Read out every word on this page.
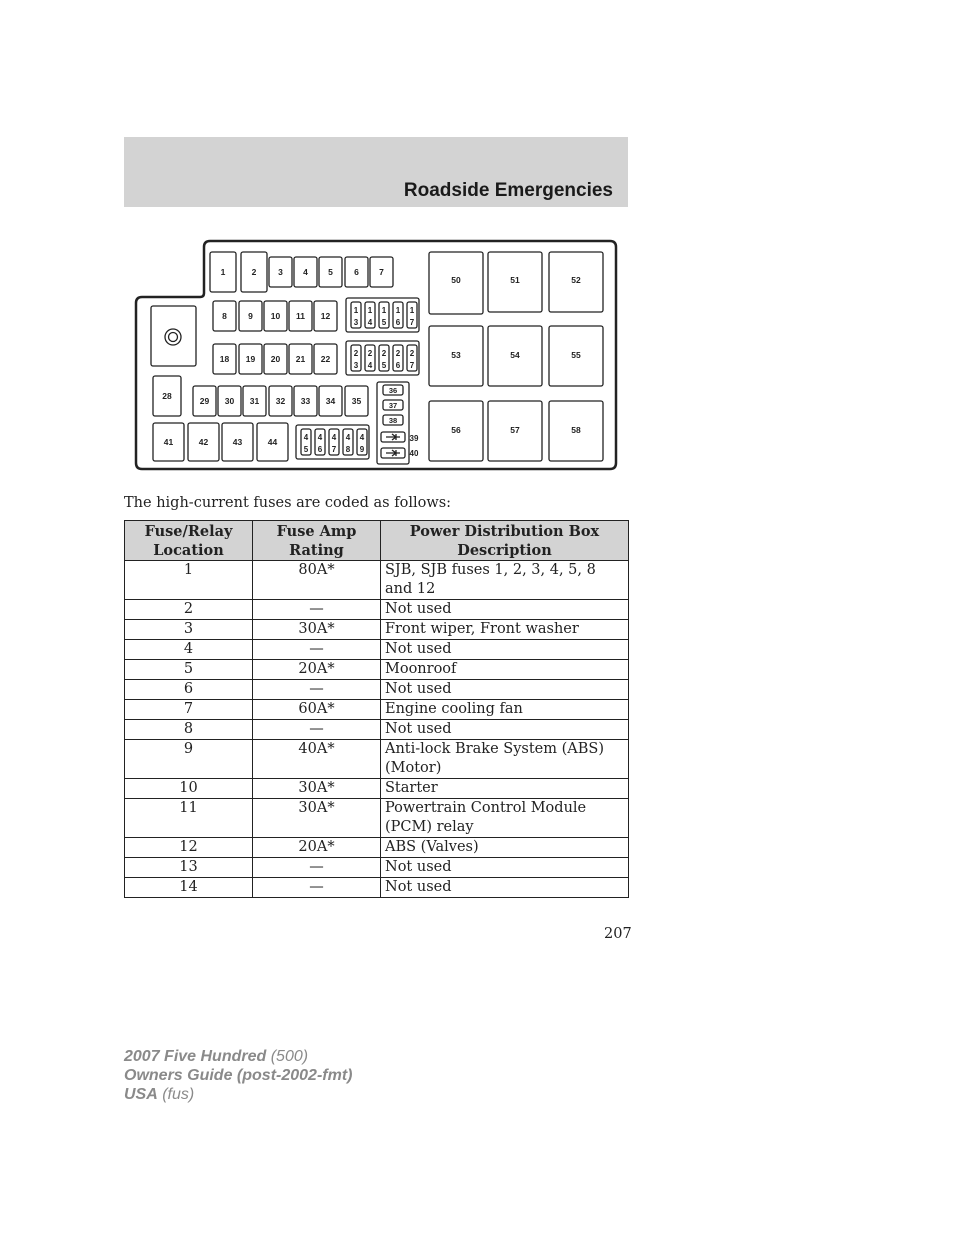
Roadside Emergencies
1	2	3 4 5	6 7
8	9 10 11 12
18 19 20 21 22
29 30 31 32 33 34 35
28
41	42	43	44
1
3
1
4
1
5
1
6
1
7
2
3
2
4
2
5
2
6
2
7
4
5
4
6
4
7
4
8
4
9
36
37
38
39
40
50	51	52
53	54	55
56	57	58
The high-current fuses are coded as follows:
Fuse/Relay Location	Fuse Amp Rating	Power Distribution Box Description
1	80A*	SJB, SJB fuses 1, 2, 3, 4, 5, 8 and 12
2	—	Not used
3	30A*	Front wiper, Front washer
4	—	Not used
5	20A*	Moonroof
6	—	Not used
7	60A*	Engine cooling fan
8	—	Not used
9	40A*	Anti-lock Brake System (ABS) (Motor)
10	30A*	Starter
11	30A*	Powertrain Control Module (PCM) relay
12	20A*	ABS (Valves)
13	—	Not used
14	—	Not used
207
2007 Five Hundred (500)
Owners Guide (post-2002-fmt)
USA (fus)
